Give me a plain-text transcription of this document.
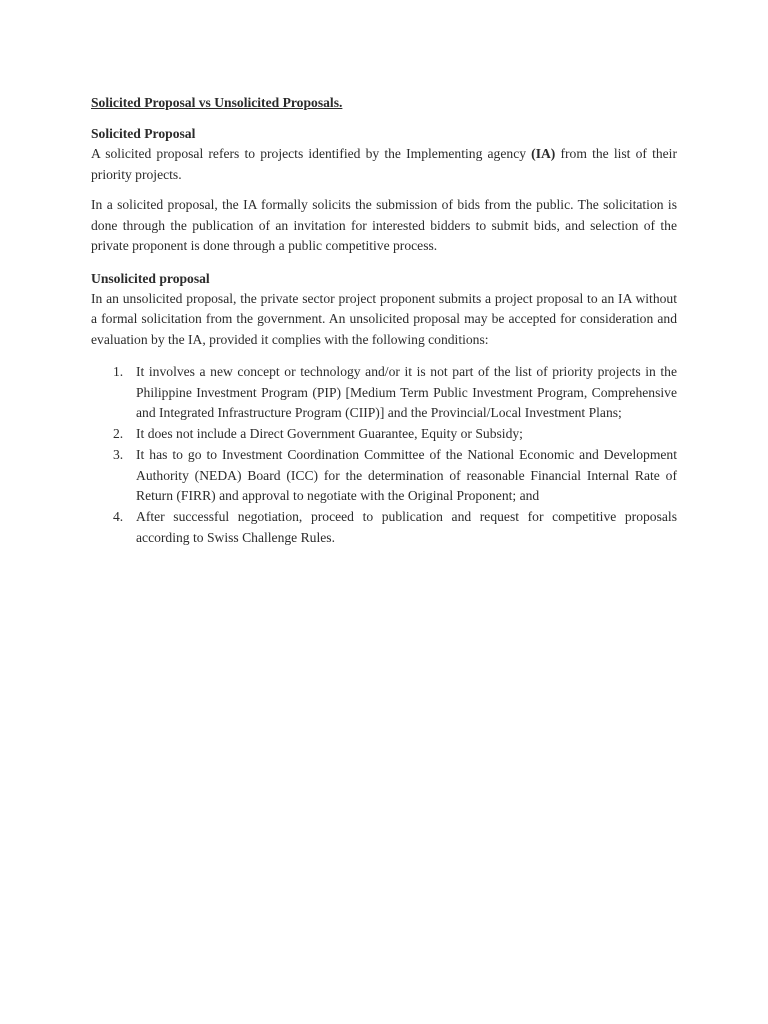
Solicited Proposal vs Unsolicited Proposals.

Solicited Proposal

A solicited proposal refers to projects identified by the Implementing agency (IA) from the list of their priority projects.

In a solicited proposal, the IA formally solicits the submission of bids from the public. The solicitation is done through the publication of an invitation for interested bidders to submit bids, and selection of the private proponent is done through a public competitive process.

Unsolicited proposal

In an unsolicited proposal, the private sector project proponent submits a project proposal to an IA without a formal solicitation from the government. An unsolicited proposal may be accepted for consideration and evaluation by the IA, provided it complies with the following conditions:

1. It involves a new concept or technology and/or it is not part of the list of priority projects in the Philippine Investment Program (PIP) [Medium Term Public Investment Program, Comprehensive and Integrated Infrastructure Program (CIIP)] and the Provincial/Local Investment Plans;
2. It does not include a Direct Government Guarantee, Equity or Subsidy;
3. It has to go to Investment Coordination Committee of the National Economic and Development Authority (NEDA) Board (ICC) for the determination of reasonable Financial Internal Rate of Return (FIRR) and approval to negotiate with the Original Proponent; and
4. After successful negotiation, proceed to publication and request for competitive proposals according to Swiss Challenge Rules.
